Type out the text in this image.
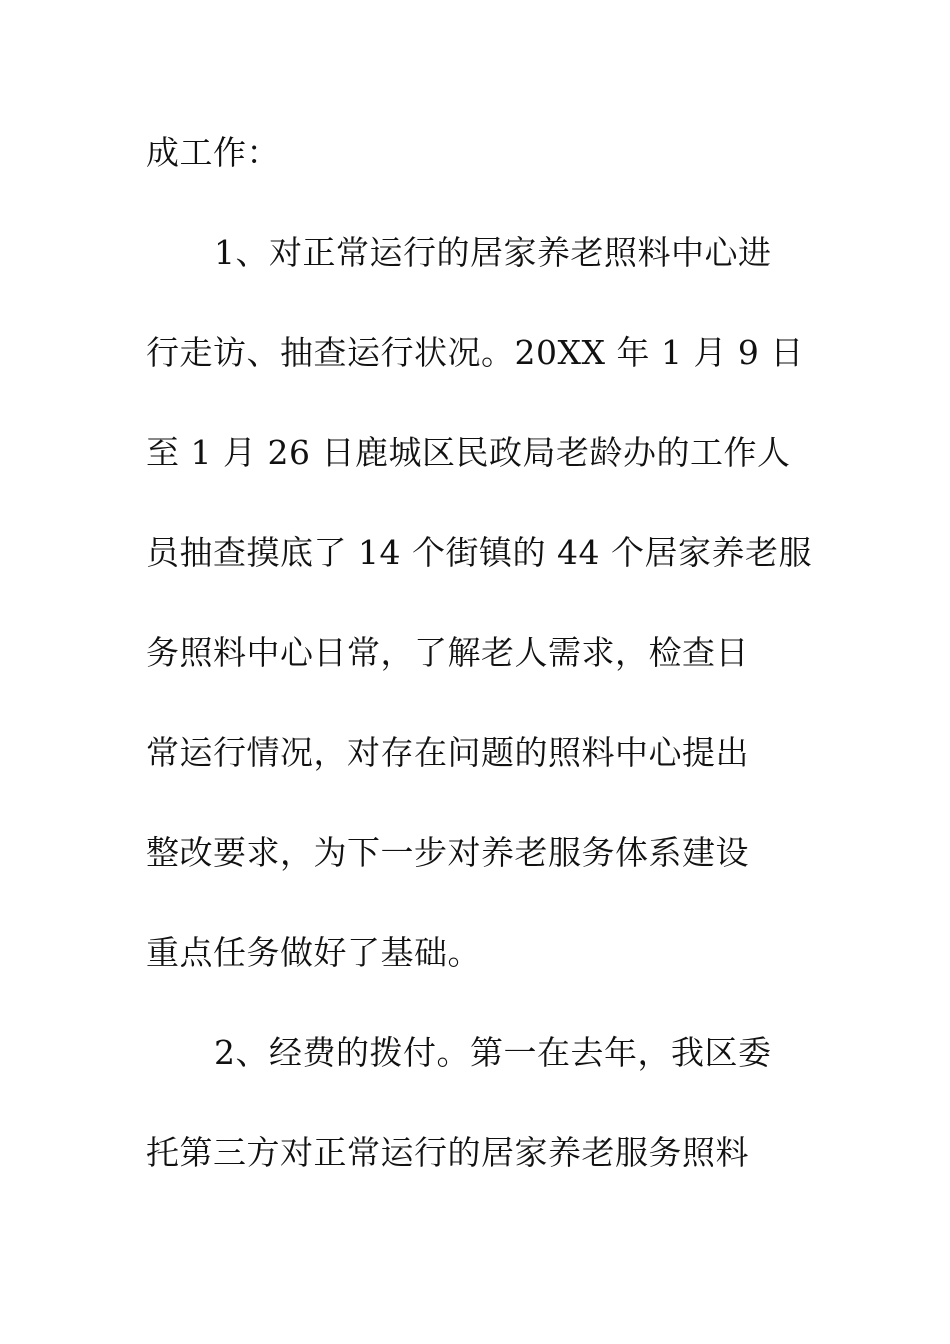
成工作：
1、对正常运行的居家养老照料中心进
行走访、抽查运行状况。20XX 年 1 月 9 日
至 1 月 26 日鹿城区民政局老龄办的工作人
员抽查摸底了 14 个街镇的 44 个居家养老服
务照料中心日常，了解老人需求，检查日
常运行情况，对存在问题的照料中心提出
整改要求，为下一步对养老服务体系建设
重点任务做好了基础。
2、经费的拨付。第一在去年，我区委
托第三方对正常运行的居家养老服务照料
